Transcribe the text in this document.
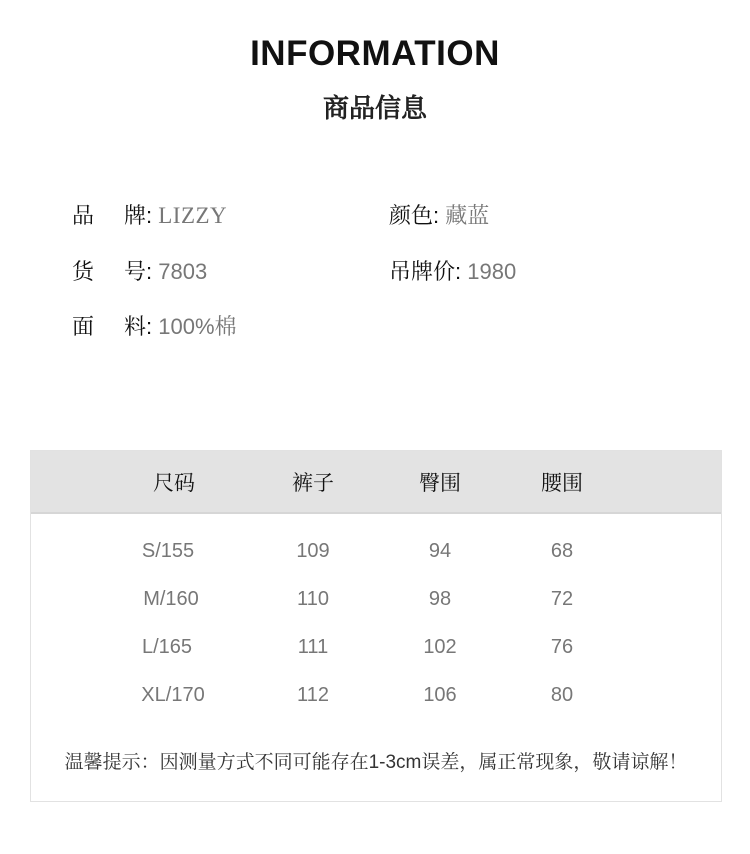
INFORMATION
商品信息
品 牌: LIZZY	颜色: 藏蓝
货 号: 7803	吊牌价: 1980
面 料: 100%棉
尺码	裤子	臀围	腰围
S/155	109	94	68
M/160	110	98	72
L/165	111	102	76
XL/170	112	106	80
温馨提示：因测量方式不同可能存在1-3cm误差，属正常现象，敬请谅解！
